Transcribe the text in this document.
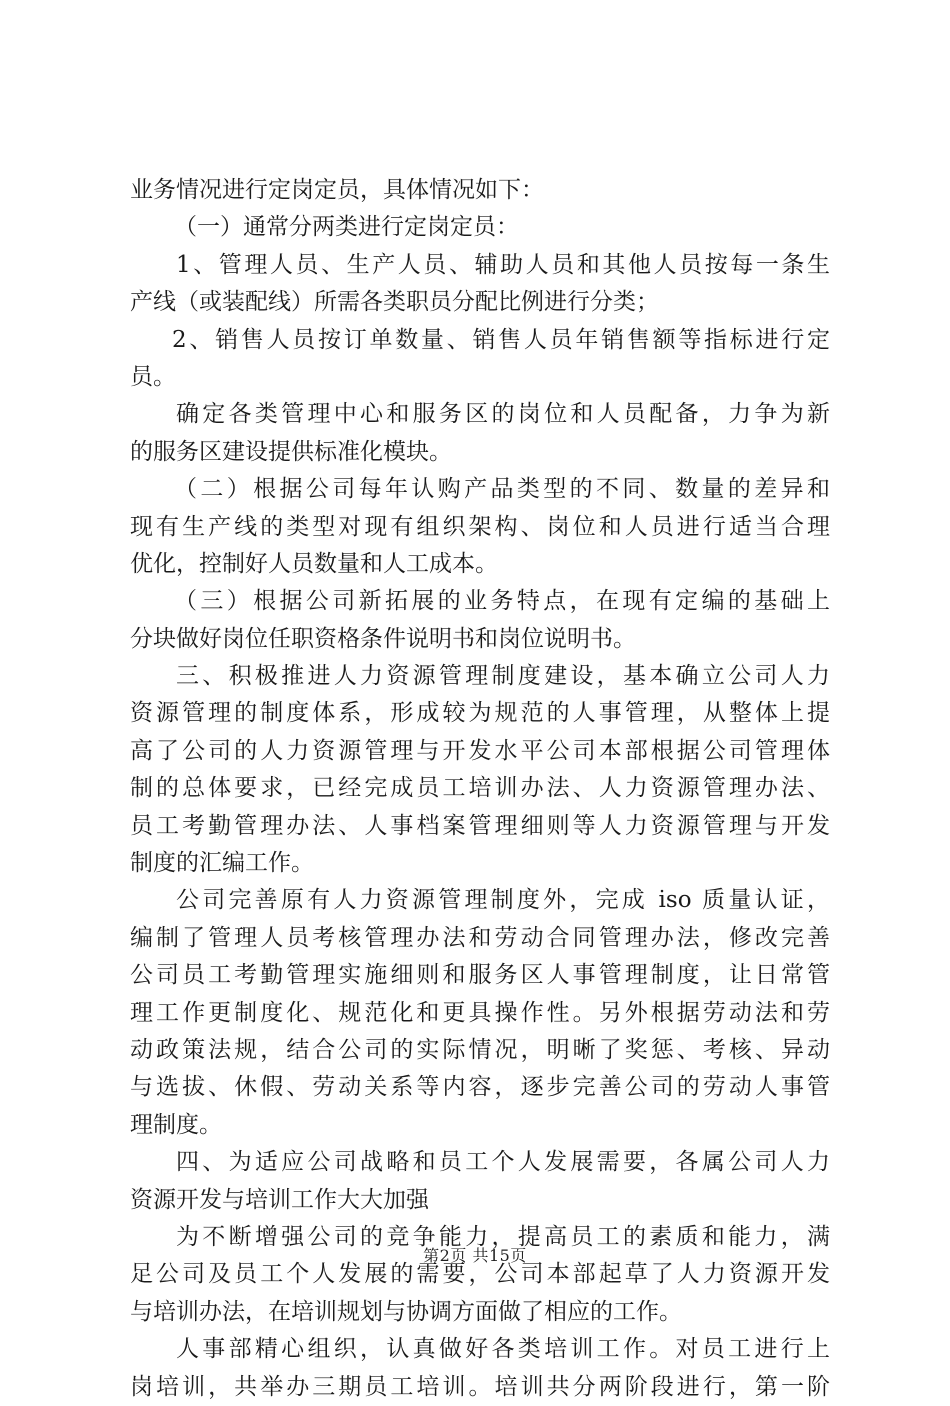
业务情况进行定岗定员，具体情况如下：
（一）通常分两类进行定岗定员：
1、管理人员、生产人员、辅助人员和其他人员按每一条生
产线（或装配线）所需各类职员分配比例进行分类；
2、销售人员按订单数量、销售人员年销售额等指标进行定
员。
确定各类管理中心和服务区的岗位和人员配备，力争为新
的服务区建设提供标准化模块。
（二）根据公司每年认购产品类型的不同、数量的差异和
现有生产线的类型对现有组织架构、岗位和人员进行适当合理
优化，控制好人员数量和人工成本。
（三）根据公司新拓展的业务特点，在现有定编的基础上
分块做好岗位任职资格条件说明书和岗位说明书。
三、积极推进人力资源管理制度建设，基本确立公司人力
资源管理的制度体系，形成较为规范的人事管理，从整体上提
高了公司的人力资源管理与开发水平公司本部根据公司管理体
制的总体要求，已经完成员工培训办法、人力资源管理办法、
员工考勤管理办法、人事档案管理细则等人力资源管理与开发
制度的汇编工作。
公司完善原有人力资源管理制度外，完成 iso 质量认证，
编制了管理人员考核管理办法和劳动合同管理办法，修改完善
公司员工考勤管理实施细则和服务区人事管理制度，让日常管
理工作更制度化、规范化和更具操作性。另外根据劳动法和劳
动政策法规，结合公司的实际情况，明晰了奖惩、考核、异动
与选拔、休假、劳动关系等内容，逐步完善公司的劳动人事管
理制度。
四、为适应公司战略和员工个人发展需要，各属公司人力
资源开发与培训工作大大加强
为不断增强公司的竞争能力，提高员工的素质和能力，满
足公司及员工个人发展的需要，公司本部起草了人力资源开发
与培训办法，在培训规划与协调方面做了相应的工作。
人事部精心组织，认真做好各类培训工作。对员工进行上
岗培训，共举办三期员工培训。培训共分两阶段进行，第一阶
第2页 共15页
